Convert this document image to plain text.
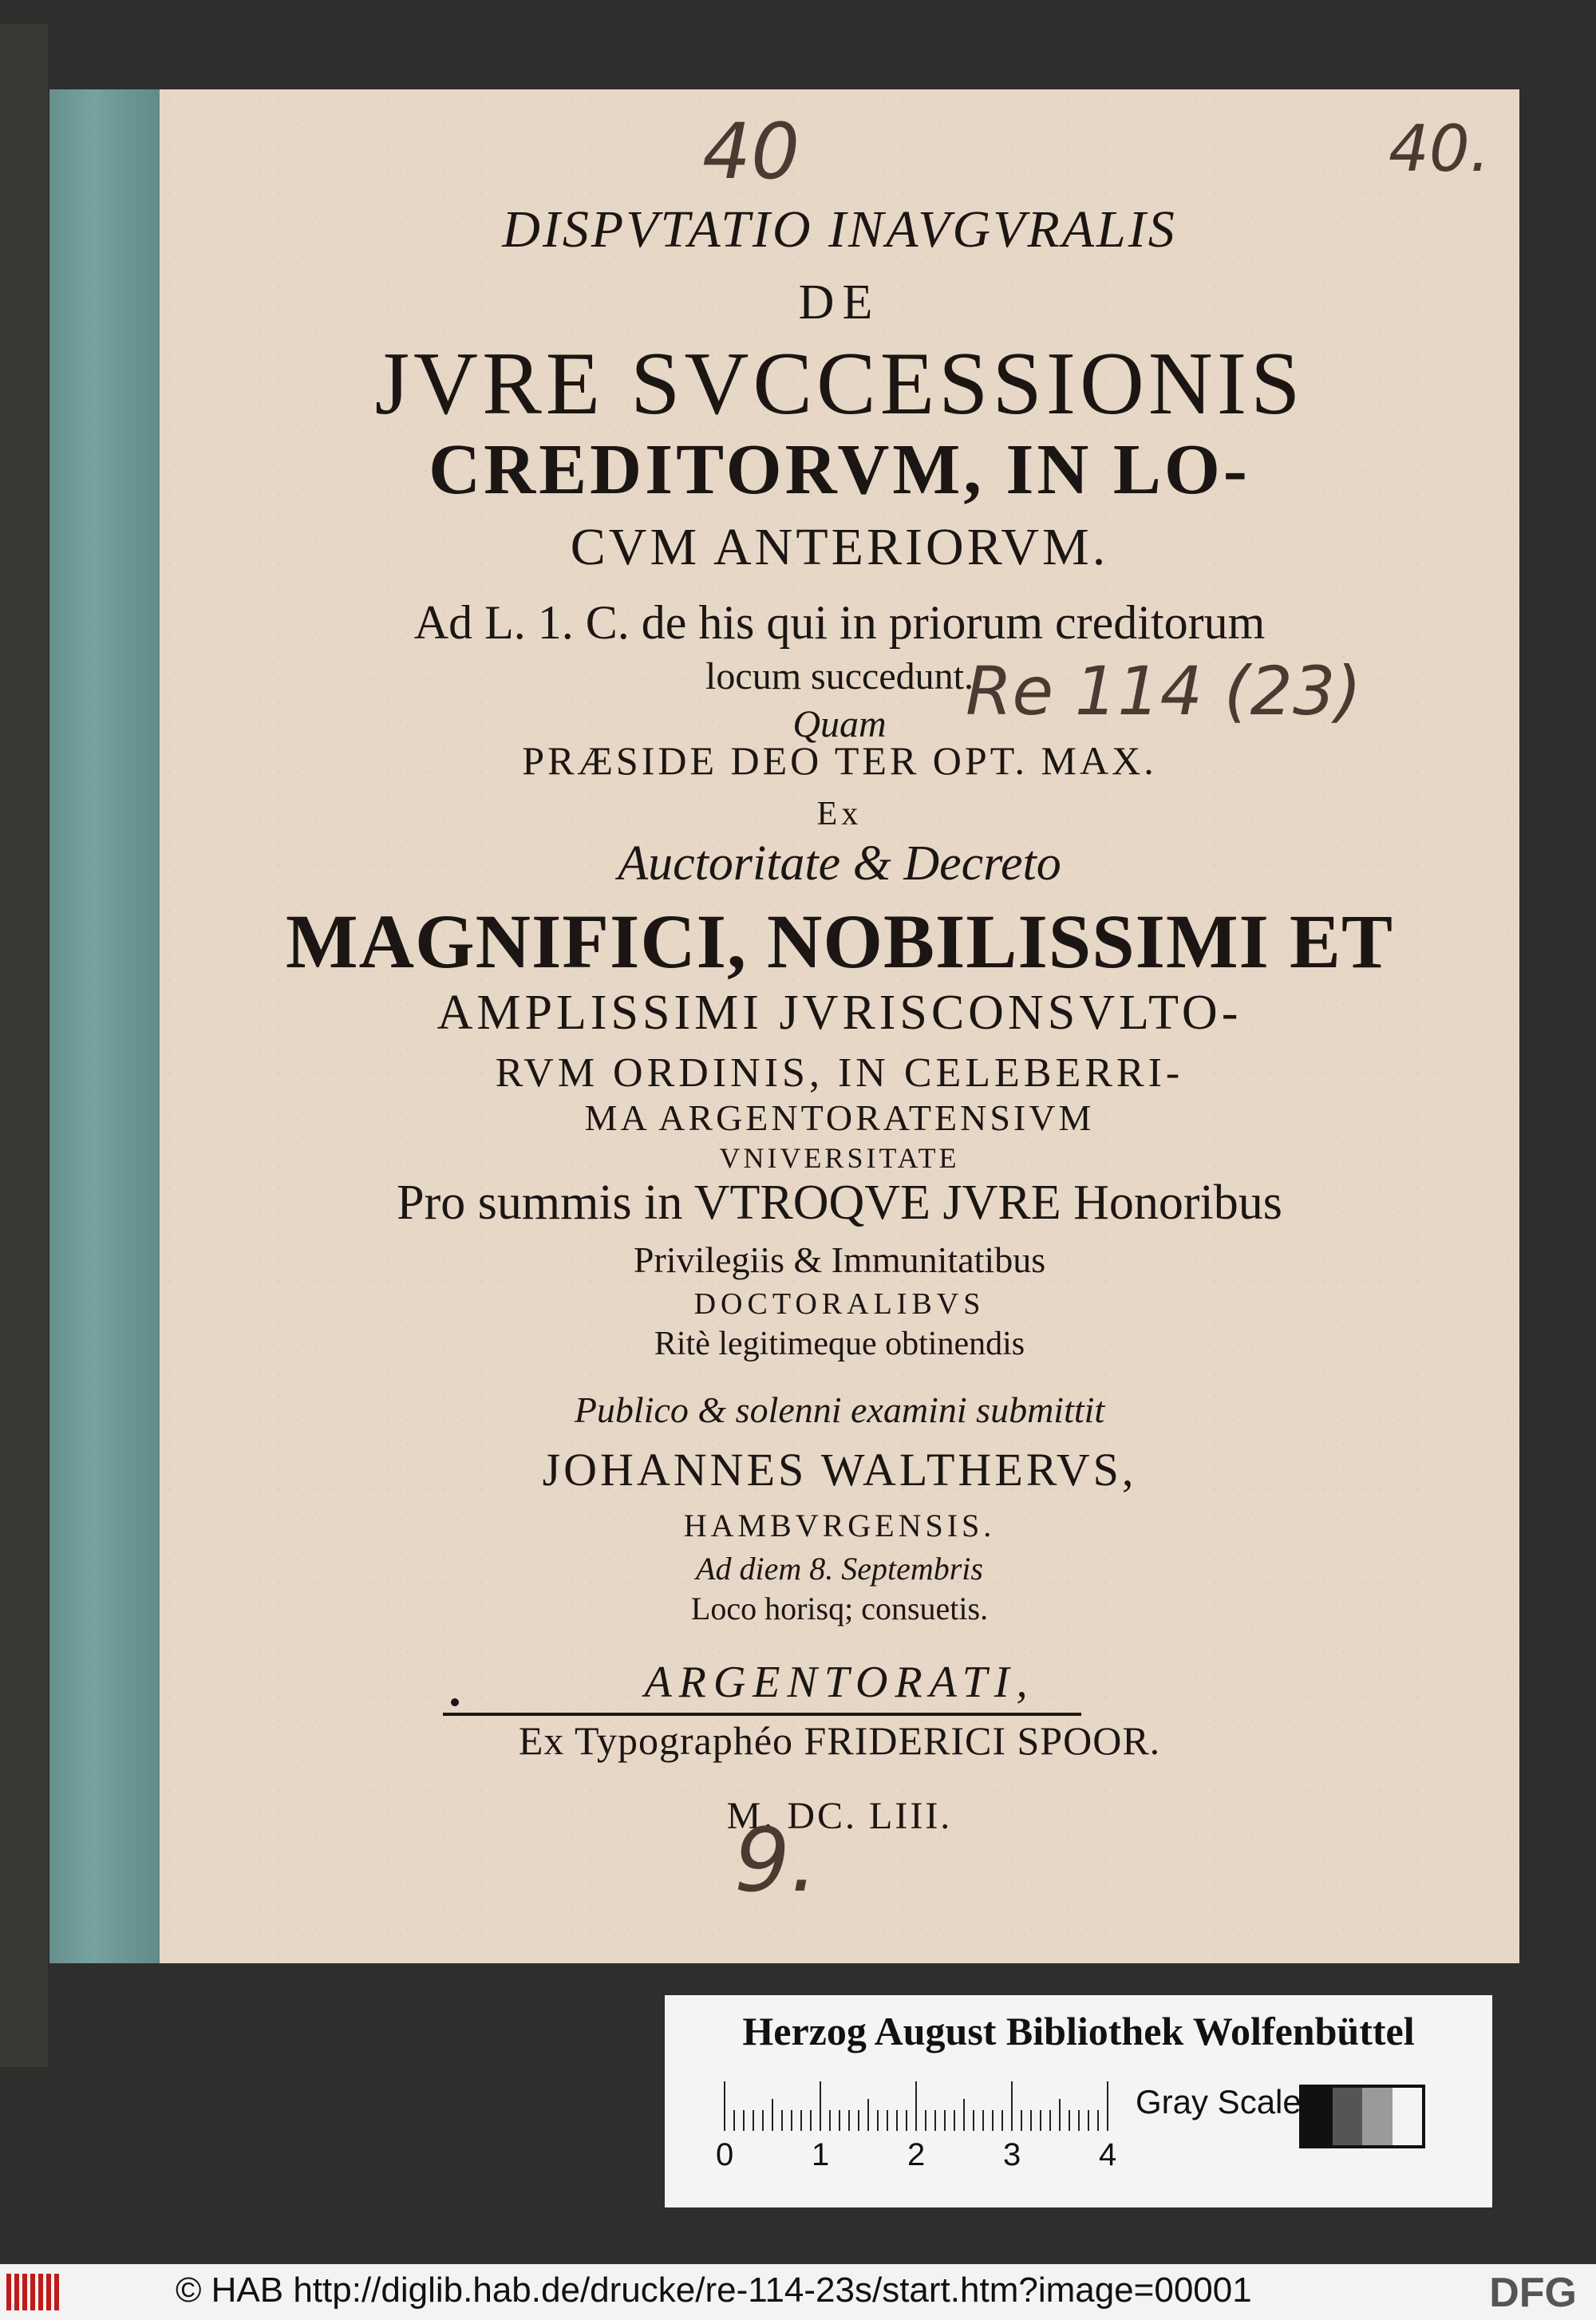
DISPVTATIO INAVGVRALIS

DE

JVRE SVCCESSIONIS

CREDITORVM, IN LO-

CVM ANTERIORVM.

Ad L. 1. C. de his qui in priorum creditorum

locum succedunt.

Quam

PRÆSIDE DEO TER OPT. MAX.

Ex

Auctoritate & Decreto

MAGNIFICI, NOBILISSIMI ET

AMPLISSIMI JVRISCONSVLTO-

RVM ORDINIS, IN CELEBERRI-

MA ARGENTORATENSIVM

VNIVERSITATE

Pro summis in VTROQVE JVRE Honoribus

Privilegiis & Immunitatibus

DOCTORALIBVS

Ritè legitimeque obtinendis

Publico & solenni examini submittit

JOHANNES WALTHERVS,

HAMBVRGENSIS.

Ad diem 8. Septembris

Loco horisq; consuetis.

ARGENTORATI,

Ex Typographéo FRIDERICI SPOOR.

M. DC. LIII.

40	40.
Re 114 (23)
9.
Herzog August Bibliothek Wolfenbüttel
0 1 2 3 4
Gray Scale
© HAB http://diglib.hab.de/drucke/re-114-23s/start.htm?image=00001	DFG
